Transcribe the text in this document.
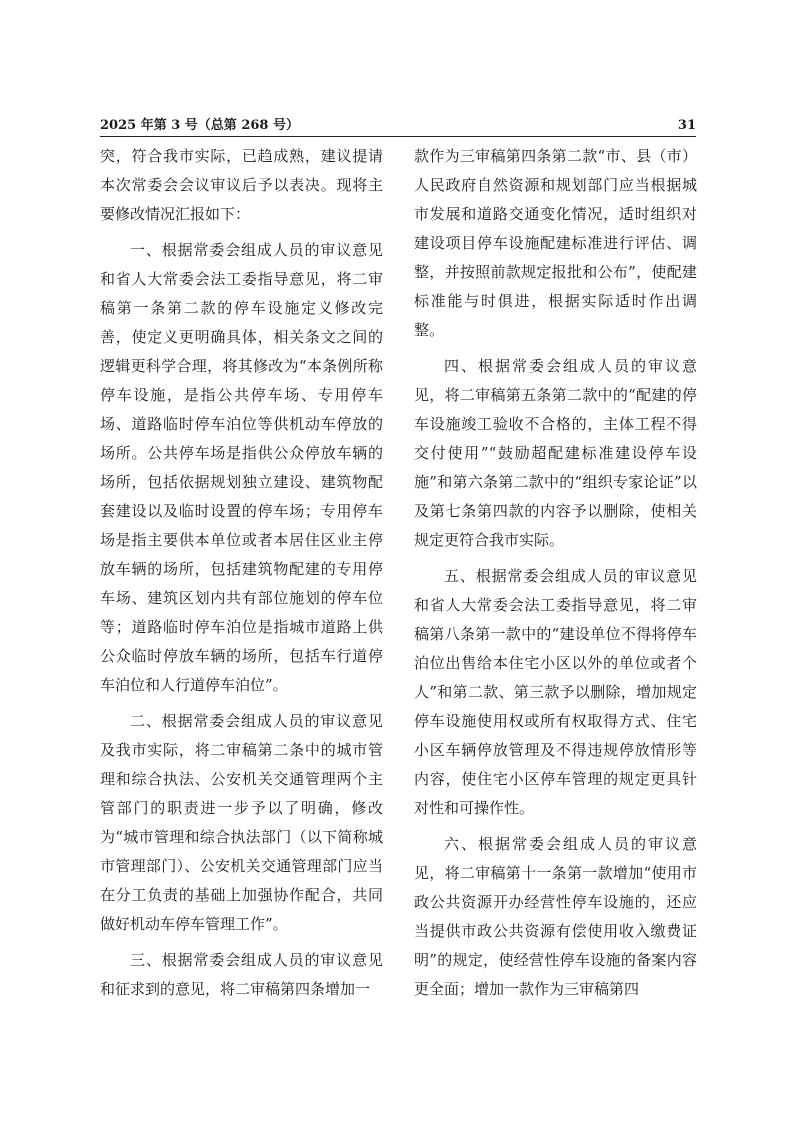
2025 年第 3 号（总第 268 号）	31

突，符合我市实际，已趋成熟，建议提请本次常委会会议审议后予以表决。现将主要修改情况汇报如下：

一、根据常委会组成人员的审议意见和省人大常委会法工委指导意见，将二审稿第一条第二款的停车设施定义修改完善，使定义更明确具体，相关条文之间的逻辑更科学合理，将其修改为“本条例所称停车设施，是指公共停车场、专用停车场、道路临时停车泊位等供机动车停放的场所。公共停车场是指供公众停放车辆的场所，包括依据规划独立建设、建筑物配套建设以及临时设置的停车场；专用停车场是指主要供本单位或者本居住区业主停放车辆的场所，包括建筑物配建的专用停车场、建筑区划内共有部位施划的停车位等；道路临时停车泊位是指城市道路上供公众临时停放车辆的场所，包括车行道停车泊位和人行道停车泊位”。

二、根据常委会组成人员的审议意见及我市实际，将二审稿第二条中的城市管理和综合执法、公安机关交通管理两个主管部门的职责进一步予以了明确，修改为“城市管理和综合执法部门（以下简称城市管理部门）、公安机关交通管理部门应当在分工负责的基础上加强协作配合，共同做好机动车停车管理工作”。

三、根据常委会组成人员的审议意见和征求到的意见，将二审稿第四条增加一

款作为三审稿第四条第二款“市、县（市）人民政府自然资源和规划部门应当根据城市发展和道路交通变化情况，适时组织对建设项目停车设施配建标准进行评估、调整，并按照前款规定报批和公布”，使配建标准能与时俱进，根据实际适时作出调整。

四、根据常委会组成人员的审议意见，将二审稿第五条第二款中的“配建的停车设施竣工验收不合格的，主体工程不得交付使用”“鼓励超配建标准建设停车设施”和第六条第二款中的“组织专家论证”以及第七条第四款的内容予以删除，使相关规定更符合我市实际。

五、根据常委会组成人员的审议意见和省人大常委会法工委指导意见，将二审稿第八条第一款中的“建设单位不得将停车泊位出售给本住宅小区以外的单位或者个人”和第二款、第三款予以删除，增加规定停车设施使用权或所有权取得方式、住宅小区车辆停放管理及不得违规停放情形等内容，使住宅小区停车管理的规定更具针对性和可操作性。

六、根据常委会组成人员的审议意见，将二审稿第十一条第一款增加“使用市政公共资源开办经营性停车设施的，还应当提供市政公共资源有偿使用收入缴费证明”的规定，使经营性停车设施的备案内容更全面；增加一款作为三审稿第四
